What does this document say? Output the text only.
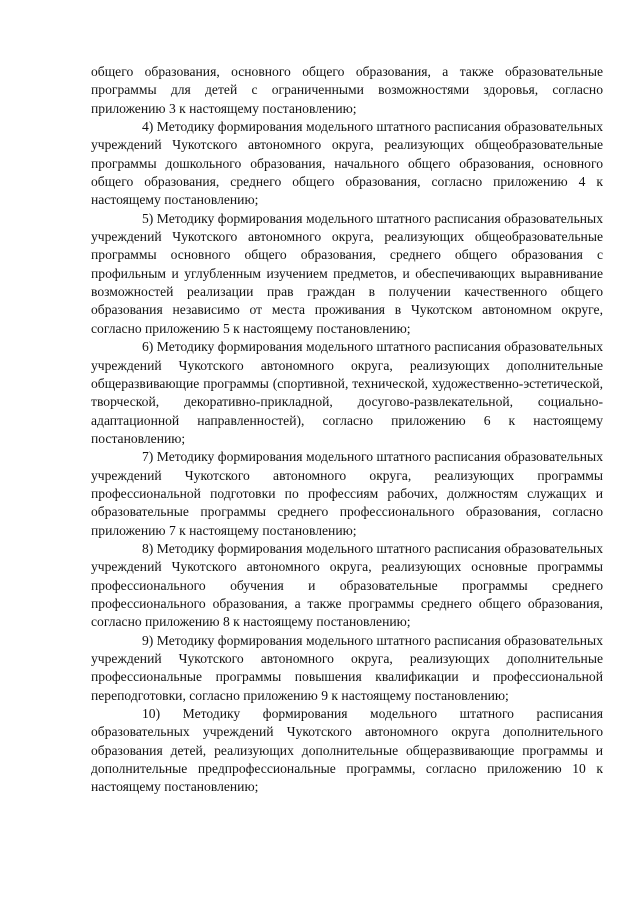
общего образования, основного общего образования, а также образовательные программы для детей с ограниченными возможностями здоровья, согласно приложению 3 к настоящему постановлению;

4) Методику формирования модельного штатного расписания образовательных учреждений Чукотского автономного округа, реализующих общеобразовательные программы дошкольного образования, начального общего образования, основного общего образования, среднего общего образования, согласно приложению 4 к настоящему постановлению;

5) Методику формирования модельного штатного расписания образовательных учреждений Чукотского автономного округа, реализующих общеобразовательные программы основного общего образования, среднего общего образования с профильным и углубленным изучением предметов, и обеспечивающих выравнивание возможностей реализации прав граждан в получении качественного общего образования независимо от места проживания в Чукотском автономном округе, согласно приложению 5 к настоящему постановлению;

6) Методику формирования модельного штатного расписания образовательных учреждений Чукотского автономного округа, реализующих дополнительные общеразвивающие программы (спортивной, технической, художественно-эстетической, творческой, декоративно-прикладной, досугово-развлекательной, социально-адаптационной направленностей), согласно приложению 6 к настоящему постановлению;

7) Методику формирования модельного штатного расписания образовательных учреждений Чукотского автономного округа, реализующих программы профессиональной подготовки по профессиям рабочих, должностям служащих и образовательные программы среднего профессионального образования, согласно приложению 7 к настоящему постановлению;

8) Методику формирования модельного штатного расписания образовательных учреждений Чукотского автономного округа, реализующих основные программы профессионального обучения и образовательные программы среднего профессионального образования, а также программы среднего общего образования, согласно приложению 8 к настоящему постановлению;

9) Методику формирования модельного штатного расписания образовательных учреждений Чукотского автономного округа, реализующих дополнительные профессиональные программы повышения квалификации и профессиональной переподготовки, согласно приложению 9 к настоящему постановлению;

10) Методику формирования модельного штатного расписания образовательных учреждений Чукотского автономного округа дополнительного образования детей, реализующих дополнительные общеразвивающие программы и дополнительные предпрофессиональные программы, согласно приложению 10 к настоящему постановлению;
